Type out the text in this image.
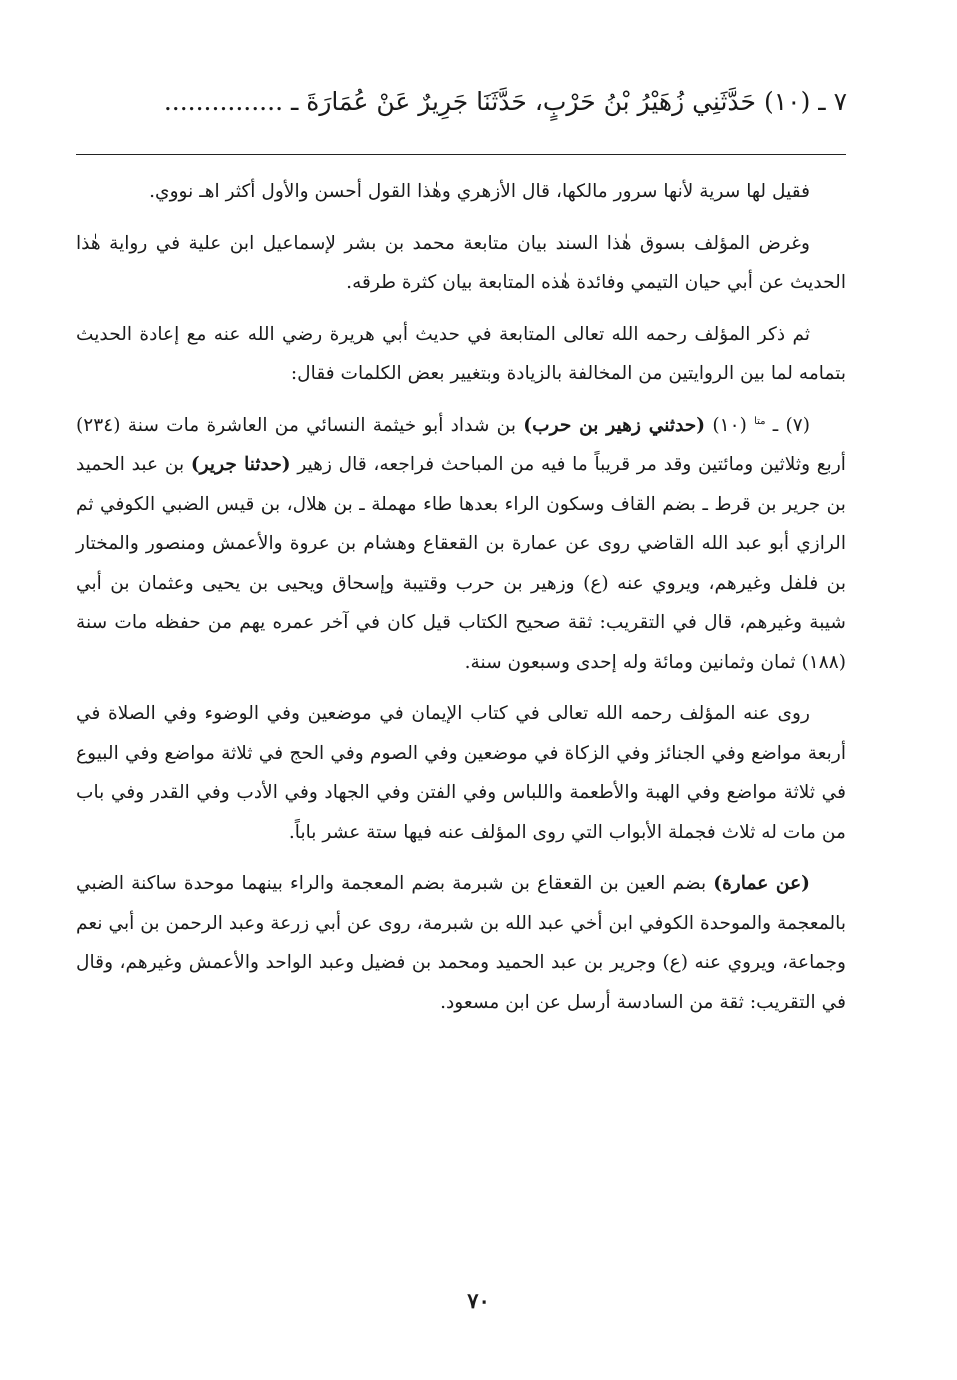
٧ ـ (١٠) حَدَّثَنِي زُهَيْرُ بْنُ حَرْبٍ، حَدَّثَنَا جَرِيرٌ عَنْ عُمَارَةَ ـ ...............

فقيل لها سرية لأنها سرور مالكها، قال الأزهري وهٰذا القول أحسن والأول أكثر اهـ نووي.

وغرض المؤلف بسوق هٰذا السند بيان متابعة محمد بن بشر لإسماعيل ابن علية في رواية هٰذا الحديث عن أبي حيان التيمي وفائدة هٰذه المتابعة بيان كثرة طرقه.

ثم ذكر المؤلف رحمه الله تعالى المتابعة في حديث أبي هريرة رضي الله عنه مع إعادة الحديث بتمامه لما بين الروايتين من المخالفة بالزيادة وبتغيير بعض الكلمات فقال:

(٧) ـ $^{متا}$ (١٠) (حدثني زهير بن حرب) بن شداد أبو خيثمة النسائي من العاشرة مات سنة (٢٣٤) أربع وثلاثين ومائتين وقد مر قريباً ما فيه من المباحث فراجعه، قال زهير (حدثنا جرير) بن عبد الحميد بن جرير بن قرط ـ بضم القاف وسكون الراء بعدها طاء مهملة ـ بن هلال، بن قيس الضبي الكوفي ثم الرازي أبو عبد الله القاضي روى عن عمارة بن القعقاع وهشام بن عروة والأعمش ومنصور والمختار بن فلفل وغيرهم، ويروي عنه (ع) وزهير بن حرب وقتيبة وإسحاق ويحيى بن يحيى وعثمان بن أبي شيبة وغيرهم، قال في التقريب: ثقة صحيح الكتاب قيل كان في آخر عمره يهم من حفظه مات سنة (١٨٨) ثمان وثمانين ومائة وله إحدى وسبعون سنة.

روى عنه المؤلف رحمه الله تعالى في كتاب الإيمان في موضعين وفي الوضوء وفي الصلاة في أربعة مواضع وفي الجنائز وفي الزكاة في موضعين وفي الصوم وفي الحج في ثلاثة مواضع وفي البيوع في ثلاثة مواضع وفي الهبة والأطعمة واللباس وفي الفتن وفي الجهاد وفي الأدب وفي القدر وفي باب من مات له ثلاث فجملة الأبواب التي روى المؤلف عنه فيها ستة عشر باباً.

(عن عمارة) بضم العين بن القعقاع بن شبرمة بضم المعجمة والراء بينهما موحدة ساكنة الضبي بالمعجمة والموحدة الكوفي ابن أخي عبد الله بن شبرمة، روى عن أبي زرعة وعبد الرحمن بن أبي نعم وجماعة، ويروي عنه (ع) وجرير بن عبد الحميد ومحمد بن فضيل وعبد الواحد والأعمش وغيرهم، وقال في التقريب: ثقة من السادسة أرسل عن ابن مسعود.

٧٠
